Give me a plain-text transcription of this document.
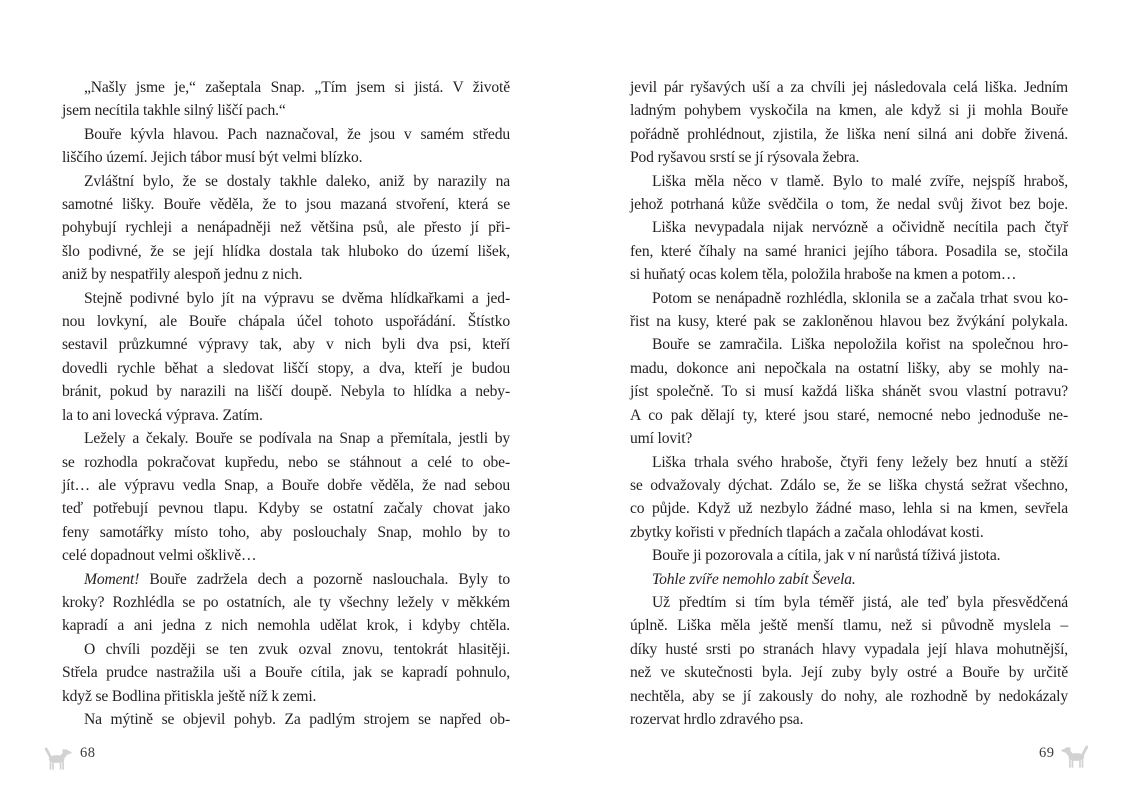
„Našly jsme je,“ zašeptala Snap. „Tím jsem si jistá. V životě
jsem necítila takhle silný liščí pach.“
Bouře kývla hlavou. Pach naznačoval, že jsou v samém středu
liščího území. Jejich tábor musí být velmi blízko.
Zvláštní bylo, že se dostaly takhle daleko, aniž by narazily na
samotné lišky. Bouře věděla, že to jsou mazaná stvoření, která se
pohybují rychleji a nenápadněji než většina psů, ale přesto jí při-
šlo podivné, že se její hlídka dostala tak hluboko do území lišek,
aniž by nespatřily alespoň jednu z nich.
Stejně podivné bylo jít na výpravu se dvěma hlídkařkami a jed-
nou lovkyní, ale Bouře chápala účel tohoto uspořádání. Štístko
sestavil průzkumné výpravy tak, aby v nich byli dva psi, kteří
dovedli rychle běhat a sledovat liščí stopy, a dva, kteří je budou
bránit, pokud by narazili na liščí doupě. Nebyla to hlídka a neby-
la to ani lovecká výprava. Zatím.
Ležely a čekaly. Bouře se podívala na Snap a přemítala, jestli by
se rozhodla pokračovat kupředu, nebo se stáhnout a celé to obe-
jít… ale výpravu vedla Snap, a Bouře dobře věděla, že nad sebou
teď potřebují pevnou tlapu. Kdyby se ostatní začaly chovat jako
feny samotářky místo toho, aby poslouchaly Snap, mohlo by to
celé dopadnout velmi ošklivě…
Moment! Bouře zadržela dech a pozorně naslouchala. Byly to
kroky? Rozhlédla se po ostatních, ale ty všechny ležely v měkkém
kapradí a ani jedna z nich nemohla udělat krok, i kdyby chtěla.
O chvíli později se ten zvuk ozval znovu, tentokrát hlasitěji.
Střela prudce nastražila uši a Bouře cítila, jak se kapradí pohnulo,
když se Bodlina přitiskla ještě níž k zemi.
Na mýtině se objevil pohyb. Za padlým strojem se napřed ob-
68
jevil pár ryšavých uší a za chvíli jej následovala celá liška. Jedním
ladným pohybem vyskočila na kmen, ale když si ji mohla Bouře
pořádně prohlédnout, zjistila, že liška není silná ani dobře živená.
Pod ryšavou srstí se jí rýsovala žebra.
Liška měla něco v tlamě. Bylo to malé zvíře, nejspíš hraboš,
jehož potrhaná kůže svědčila o tom, že nedal svůj život bez boje.
Liška nevypadala nijak nervózně a očividně necítila pach čtyř
fen, které číhaly na samé hranici jejího tábora. Posadila se, stočila
si huňatý ocas kolem těla, položila hraboše na kmen a potom…
Potom se nenápadně rozhlédla, sklonila se a začala trhat svou ko-
řist na kusy, které pak se zakloněnou hlavou bez žvýkání polykala.
Bouře se zamračila. Liška nepoložila kořist na společnou hro-
madu, dokonce ani nepočkala na ostatní lišky, aby se mohly na-
jíst společně. To si musí každá liška shánět svou vlastní potravu?
A co pak dělají ty, které jsou staré, nemocné nebo jednoduše ne-
umí lovit?
Liška trhala svého hraboše, čtyři feny ležely bez hnutí a stěží
se odvažovaly dýchat. Zdálo se, že se liška chystá sežrat všechno,
co půjde. Když už nezbylo žádné maso, lehla si na kmen, sevřela
zbytky kořisti v předních tlapách a začala ohlodávat kosti.
Bouře ji pozorovala a cítila, jak v ní narůstá tíživá jistota.
Tohle zvíře nemohlo zabít Ševela.
Už předtím si tím byla téměř jistá, ale teď byla přesvědčená
úplně. Liška měla ještě menší tlamu, než si původně myslela –
díky husté srsti po stranách hlavy vypadala její hlava mohutnější,
než ve skutečnosti byla. Její zuby byly ostré a Bouře by určitě
nechtěla, aby se jí zakously do nohy, ale rozhodně by nedokázaly
rozervat hrdlo zdravého psa.
69
